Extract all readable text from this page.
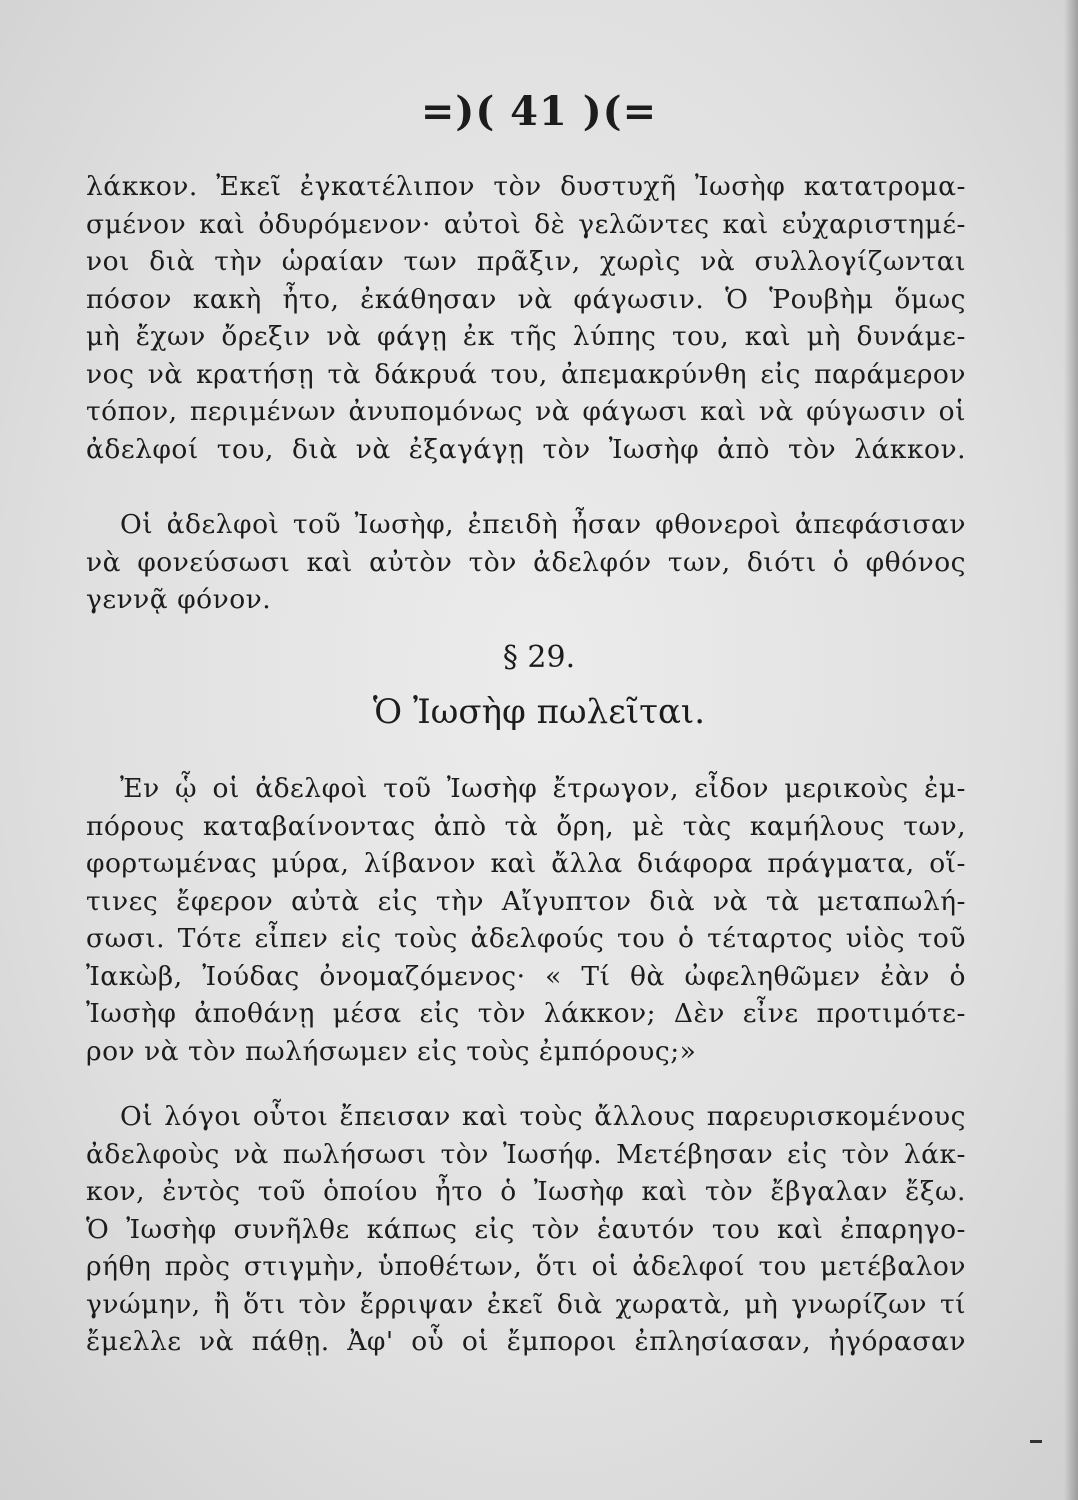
=)( 41 )(=
λάκκον. Ἐκεῖ ἐγκατέλιπον τὸν δυστυχῆ Ἰωσὴφ κατατρομα-
σμένον καὶ ὀδυρόμενον· αὐτοὶ δὲ γελῶντες καὶ εὐχαριστημέ-
νοι διὰ τὴν ὡραίαν των πρᾶξιν, χωρὶς νὰ συλλογίζωνται
πόσον κακὴ ἦτο, ἐκάθησαν νὰ φάγωσιν. Ὁ Ῥουβὴμ ὅμως
μὴ ἔχων ὄρεξιν νὰ φάγῃ ἐκ τῆς λύπης του, καὶ μὴ δυνάμε-
νος νὰ κρατήσῃ τὰ δάκρυά του, ἀπεμακρύνθη εἰς παράμερον
τόπον, περιμένων ἀνυπομόνως νὰ φάγωσι καὶ νὰ φύγωσιν οἱ
ἀδελφοί του, διὰ νὰ ἐξαγάγῃ τὸν Ἰωσὴφ ἀπὸ τὸν λάκκον.
Οἱ ἀδελφοὶ τοῦ Ἰωσὴφ, ἐπειδὴ ἦσαν φθονεροὶ ἀπεφάσισαν
νὰ φονεύσωσι καὶ αὐτὸν τὸν ἀδελφόν των, διότι ὁ φθόνος
γεννᾷ φόνον.
§ 29.
Ὁ Ἰωσὴφ πωλεῖται.
Ἐν ᾧ οἱ ἀδελφοὶ τοῦ Ἰωσὴφ ἔτρωγον, εἶδον μερικοὺς ἐμ-
πόρους καταβαίνοντας ἀπὸ τὰ ὄρη, μὲ τὰς καμήλους των,
φορτωμένας μύρα, λίβανον καὶ ἄλλα διάφορα πράγματα, οἵ-
τινες ἔφερον αὐτὰ εἰς τὴν Αἴγυπτον διὰ νὰ τὰ μεταπωλή-
σωσι. Τότε εἶπεν εἰς τοὺς ἀδελφούς του ὁ τέταρτος υἱὸς τοῦ
Ἰακὼβ, Ἰούδας ὀνομαζόμενος· « Τί θὰ ὠφεληθῶμεν ἐὰν ὁ
Ἰωσὴφ ἀποθάνῃ μέσα εἰς τὸν λάκκον; Δὲν εἶνε προτιμότε-
ρον νὰ τὸν πωλήσωμεν εἰς τοὺς ἐμπόρους;»
Οἱ λόγοι οὗτοι ἔπεισαν καὶ τοὺς ἄλλους παρευρισκομένους
ἀδελφοὺς νὰ πωλήσωσι τὸν Ἰωσήφ. Μετέβησαν εἰς τὸν λάκ-
κον, ἐντὸς τοῦ ὁποίου ἦτο ὁ Ἰωσὴφ καὶ τὸν ἔβγαλαν ἔξω.
Ὁ Ἰωσὴφ συνῆλθε κάπως εἰς τὸν ἑαυτόν του καὶ ἐπαρηγο-
ρήθη πρὸς στιγμὴν, ὑποθέτων, ὅτι οἱ ἀδελφοί του μετέβαλον
γνώμην, ἢ ὅτι τὸν ἔρριψαν ἐκεῖ διὰ χωρατὰ, μὴ γνωρίζων τί
ἔμελλε νὰ πάθῃ. Ἀφ' οὗ οἱ ἔμποροι ἐπλησίασαν, ἠγόρασαν
